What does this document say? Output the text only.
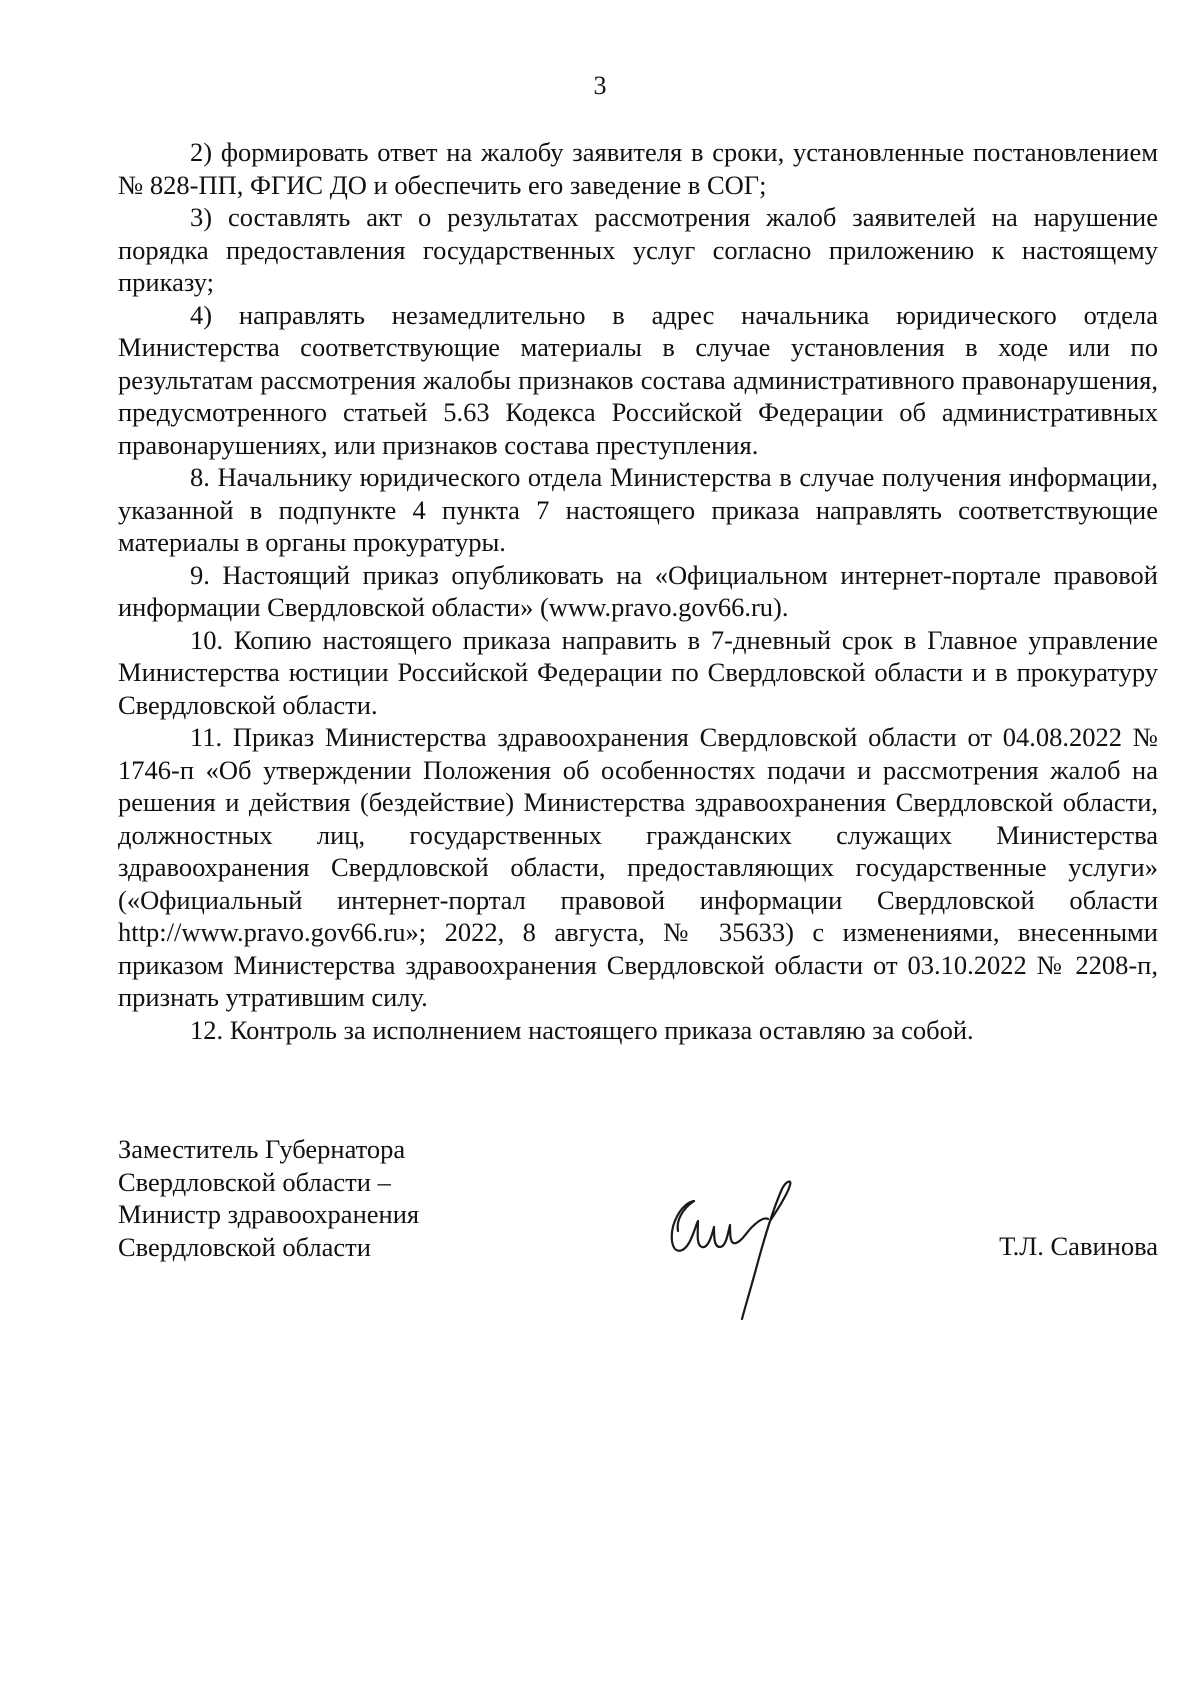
3

2) формировать ответ на жалобу заявителя в сроки, установленные постановлением № 828-ПП, ФГИС ДО и обеспечить его заведение в СОГ;

3) составлять акт о результатах рассмотрения жалоб заявителей на нарушение порядка предоставления государственных услуг согласно приложению к настоящему приказу;

4) направлять незамедлительно в адрес начальника юридического отдела Министерства соответствующие материалы в случае установления в ходе или по результатам рассмотрения жалобы признаков состава административного правонарушения, предусмотренного статьей 5.63 Кодекса Российской Федерации об административных правонарушениях, или признаков состава преступления.

8. Начальнику юридического отдела Министерства в случае получения информации, указанной в подпункте 4 пункта 7 настоящего приказа направлять соответствующие материалы в органы прокуратуры.

9. Настоящий приказ опубликовать на «Официальном интернет-портале правовой информации Свердловской области» (www.pravo.gov66.ru).

10. Копию настоящего приказа направить в 7-дневный срок в Главное управление Министерства юстиции Российской Федерации по Свердловской области и в прокуратуру Свердловской области.

11. Приказ Министерства здравоохранения Свердловской области от 04.08.2022 № 1746-п «Об утверждении Положения об особенностях подачи и рассмотрения жалоб на решения и действия (бездействие) Министерства здравоохранения Свердловской области, должностных лиц, государственных гражданских служащих Министерства здравоохранения Свердловской области, предоставляющих государственные услуги» («Официальный интернет-портал правовой информации Свердловской области http://www.pravo.gov66.ru»; 2022, 8 августа, № 35633) с изменениями, внесенными приказом Министерства здравоохранения Свердловской области от 03.10.2022 № 2208-п, признать утратившим силу.

12. Контроль за исполнением настоящего приказа оставляю за собой.

Заместитель Губернатора
Свердловской области –
Министр здравоохранения
Свердловской области	Т.Л. Савинова
